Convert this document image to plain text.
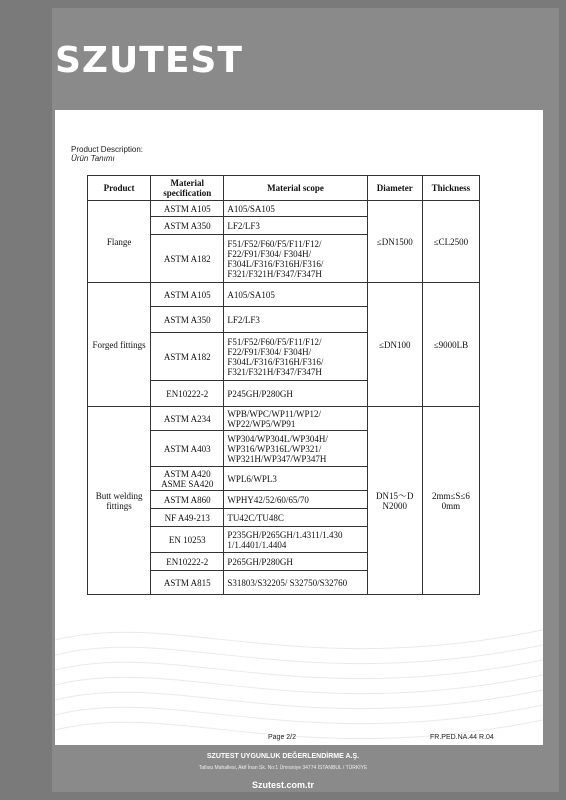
SZUTEST
Product Description:
Ürün Tanımı
Product	Material specification	Material scope	Diameter	Thickness
Flange	ASTM A105	A105/SA105	≤DN1500	≤CL2500
	ASTM A350	LF2/LF3		
	ASTM A182	F51/F52/F60/F5/F11/F12/ F22/F91/F304/ F304H/ F304L/F316/F316H/F316/ F321/F321H/F347/F347H		
Forged fittings	ASTM A105	A105/SA105	≤DN100	≤9000LB
	ASTM A350	LF2/LF3		
	ASTM A182	F51/F52/F60/F5/F11/F12/ F22/F91/F304/ F304H/ F304L/F316/F316H/F316/ F321/F321H/F347/F347H		
	EN10222-2	P245GH/P280GH		
Butt welding fittings	ASTM A234	WPB/WPC/WP11/WP12/ WP22/WP5/WP91	DN15～D N2000	2mm≤S≤6 0mm
	ASTM A403	WP304/WP304L/WP304H/ WP316/WP316L/WP321/ WP321H/WP347/WP347H		
	ASTM A420 ASME SA420	WPL6/WPL3		
	ASTM A860	WPHY42/52/60/65/70		
	NF A49-213	TU42C/TU48C		
	EN 10253	P235GH/P265GH/1.4311/1.430 1/1.4401/1.4404		
	EN10222-2	P265GH/P280GH		
	ASTM A815	S31803/S32205/ S32750/S32760		
Page 2/2	FR.PED.NA.44 R.04
SZUTEST UYGUNLUK DEĞERLENDİRME A.Ş.
Tatlısu Mahallesi, Akif İnan Sk. No:1 Ümraniye 34774 İSTANBUL / TÜRKİYE
Szutest.com.tr
